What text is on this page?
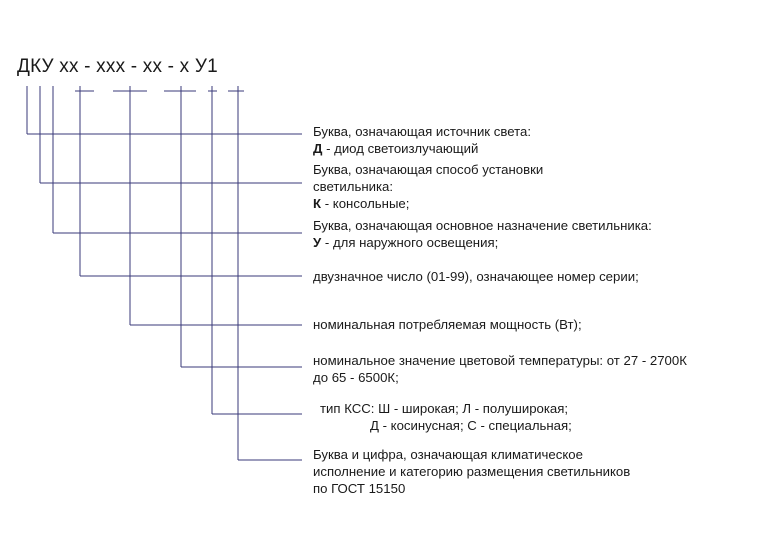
ДКУ хх - ххх - хх - х У1
Буква, означающая источник света:
Д - диод светоизлучающий
Буква, означающая способ установки
светильника:
К - консольные;
Буква, означающая основное назначение светильника:
У - для наружного освещения;
двузначное число (01-99), означающее номер серии;
номинальная потребляемая мощность (Вт);
номинальное значение цветовой температуры: от 27 - 2700К
до 65 - 6500К;
тип КСС: Ш - широкая; Л - полуширокая;
Д - косинусная; С - специальная;
Буква и цифра, означающая климатическое
исполнение и категорию размещения светильников
по ГОСТ 15150
